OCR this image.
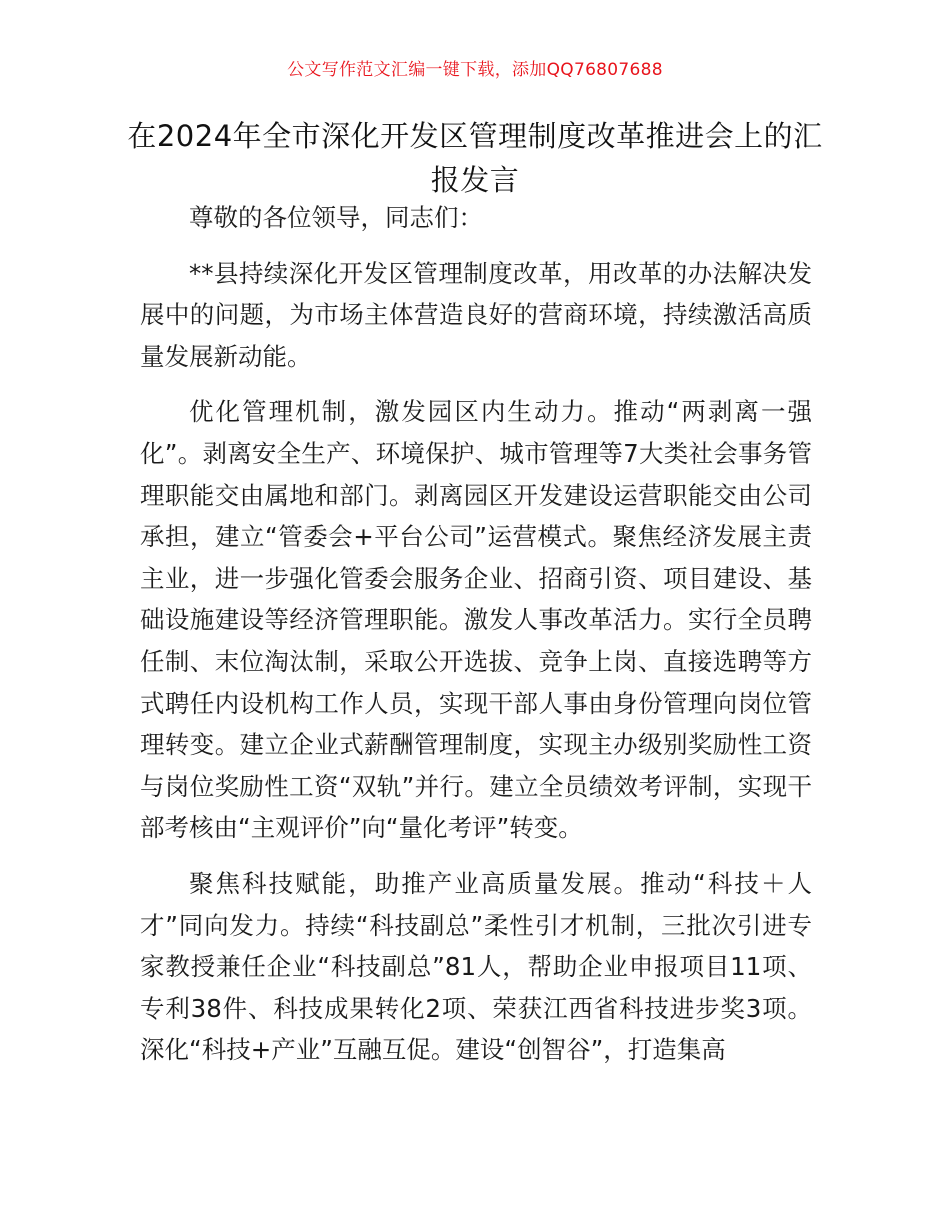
公文写作范文汇编一键下载，添加QQ76807688
在2024年全市深化开发区管理制度改革推进会上的汇报发言

尊敬的各位领导，同志们：

**县持续深化开发区管理制度改革，用改革的办法解决发展中的问题，为市场主体营造良好的营商环境，持续激活高质量发展新动能。

优化管理机制，激发园区内生动力。推动“两剥离一强化”。剥离安全生产、环境保护、城市管理等7大类社会事务管理职能交由属地和部门。剥离园区开发建设运营职能交由公司承担，建立“管委会+平台公司”运营模式。聚焦经济发展主责主业，进一步强化管委会服务企业、招商引资、项目建设、基础设施建设等经济管理职能。激发人事改革活力。实行全员聘任制、末位淘汰制，采取公开选拔、竞争上岗、直接选聘等方式聘任内设机构工作人员，实现干部人事由身份管理向岗位管理转变。建立企业式薪酬管理制度，实现主办级别奖励性工资与岗位奖励性工资“双轨”并行。建立全员绩效考评制，实现干部考核由“主观评价”向“量化考评”转变。

聚焦科技赋能，助推产业高质量发展。推动“科技＋人才”同向发力。持续“科技副总”柔性引才机制，三批次引进专家教授兼任企业“科技副总”81人，帮助企业申报项目11项、专利38件、科技成果转化2项、荣获江西省科技进步奖3项。深化“科技+产业”互融互促。建设“创智谷”，打造集高
